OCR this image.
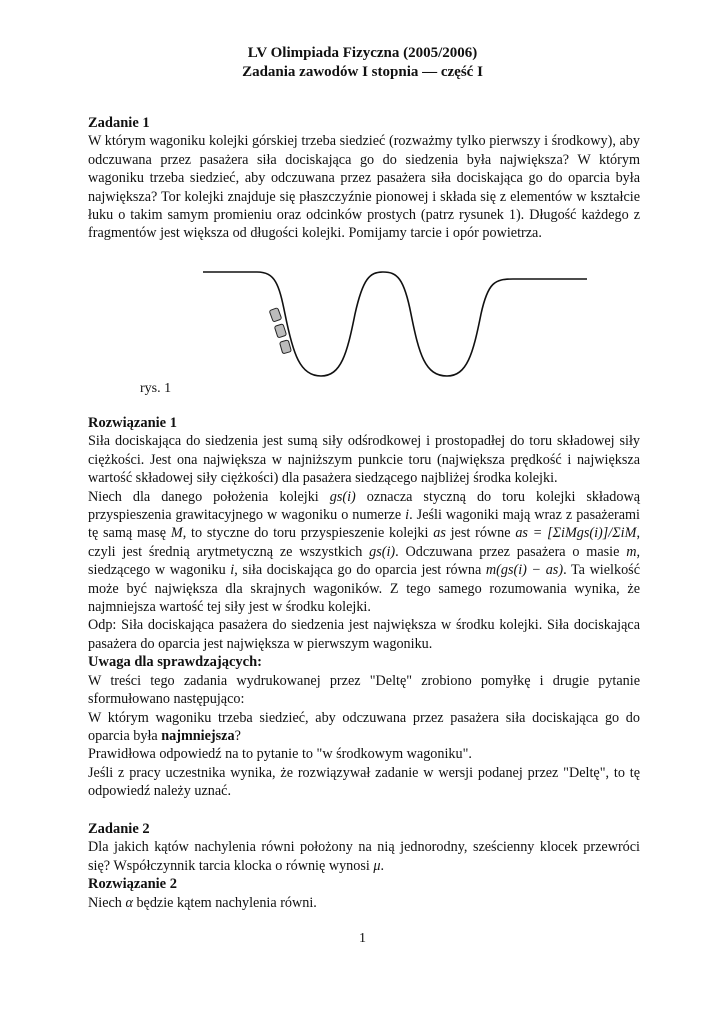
LV Olimpiada Fizyczna (2005/2006)
Zadania zawodów I stopnia — część I
Zadanie 1
W którym wagoniku kolejki górskiej trzeba siedzieć (rozważmy tylko pierwszy i środkowy), aby odczuwana przez pasażera siła dociskająca go do siedzenia była największa? W którym wagoniku trzeba siedzieć, aby odczuwana przez pasażera siła dociskająca go do oparcia była największa? Tor kolejki znajduje się płaszczyźnie pionowej i składa się z elementów w kształcie łuku o takim samym promieniu oraz odcinków prostych (patrz rysunek 1). Długość każdego z fragmentów jest większa od długości kolejki. Pomijamy tarcie i opór powietrza.
rys. 1
Rozwiązanie 1
Siła dociskająca do siedzenia jest sumą siły odśrodkowej i prostopadłej do toru składowej siły ciężkości. Jest ona największa w najniższym punkcie toru (największa prędkość i największa wartość składowej siły ciężkości) dla pasażera siedzącego najbliżej środka kolejki.
Niech dla danego położenia kolejki gs(i) oznacza styczną do toru kolejki składową przyspieszenia grawitacyjnego w wagoniku o numerze i. Jeśli wagoniki mają wraz z pasażerami tę samą masę M, to styczne do toru przyspieszenie kolejki as jest równe as = [ΣiMgs(i)]/ΣiM, czyli jest średnią arytmetyczną ze wszystkich gs(i). Odczuwana przez pasażera o masie m, siedzącego w wagoniku i, siła dociskająca go do oparcia jest równa m(gs(i) − as). Ta wielkość może być największa dla skrajnych wagoników. Z tego samego rozumowania wynika, że najmniejsza wartość tej siły jest w środku kolejki.
Odp: Siła dociskająca pasażera do siedzenia jest największa w środku kolejki. Siła dociskająca pasażera do oparcia jest największa w pierwszym wagoniku.
Uwaga dla sprawdzających:
W treści tego zadania wydrukowanej przez "Deltę" zrobiono pomyłkę i drugie pytanie sformułowano następująco:
W którym wagoniku trzeba siedzieć, aby odczuwana przez pasażera siła dociskająca go do oparcia była najmniejsza?
Prawidłowa odpowiedź na to pytanie to "w środkowym wagoniku".
Jeśli z pracy uczestnika wynika, że rozwiązywał zadanie w wersji podanej przez "Deltę", to tę odpowiedź należy uznać.
Zadanie 2
Dla jakich kątów nachylenia równi położony na nią jednorodny, sześcienny klocek przewróci się? Współczynnik tarcia klocka o równię wynosi μ.
Rozwiązanie 2
Niech α będzie kątem nachylenia równi.
1
